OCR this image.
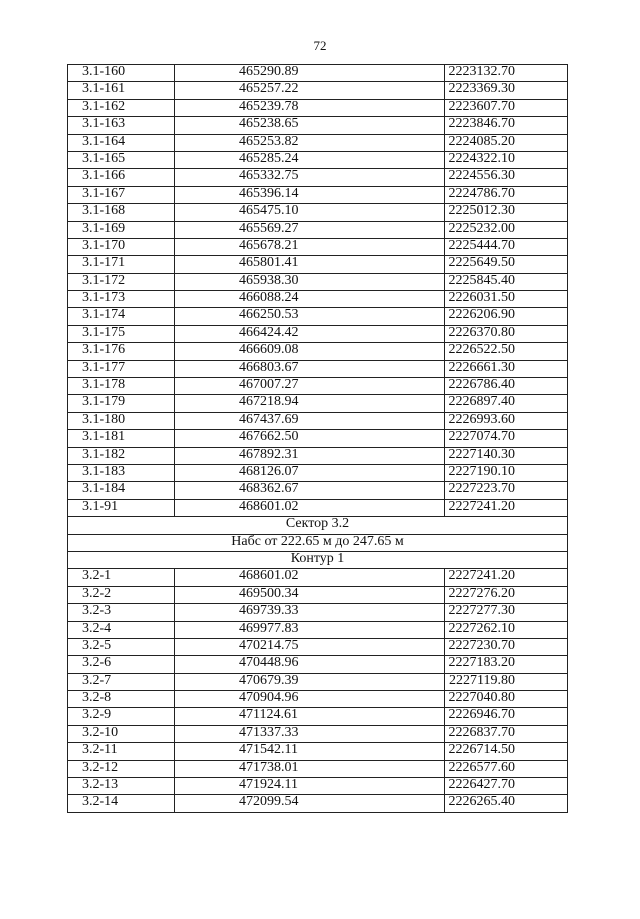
72
3.1-160	465290.89	2223132.70
3.1-161	465257.22	2223369.30
3.1-162	465239.78	2223607.70
3.1-163	465238.65	2223846.70
3.1-164	465253.82	2224085.20
3.1-165	465285.24	2224322.10
3.1-166	465332.75	2224556.30
3.1-167	465396.14	2224786.70
3.1-168	465475.10	2225012.30
3.1-169	465569.27	2225232.00
3.1-170	465678.21	2225444.70
3.1-171	465801.41	2225649.50
3.1-172	465938.30	2225845.40
3.1-173	466088.24	2226031.50
3.1-174	466250.53	2226206.90
3.1-175	466424.42	2226370.80
3.1-176	466609.08	2226522.50
3.1-177	466803.67	2226661.30
3.1-178	467007.27	2226786.40
3.1-179	467218.94	2226897.40
3.1-180	467437.69	2226993.60
3.1-181	467662.50	2227074.70
3.1-182	467892.31	2227140.30
3.1-183	468126.07	2227190.10
3.1-184	468362.67	2227223.70
3.1-91	468601.02	2227241.20
Сектор 3.2		
Набс от 222.65 м до 247.65 м		
Контур 1		
3.2-1	468601.02	2227241.20
3.2-2	469500.34	2227276.20
3.2-3	469739.33	2227277.30
3.2-4	469977.83	2227262.10
3.2-5	470214.75	2227230.70
3.2-6	470448.96	2227183.20
3.2-7	470679.39	2227119.80
3.2-8	470904.96	2227040.80
3.2-9	471124.61	2226946.70
3.2-10	471337.33	2226837.70
3.2-11	471542.11	2226714.50
3.2-12	471738.01	2226577.60
3.2-13	471924.11	2226427.70
3.2-14	472099.54	2226265.40
